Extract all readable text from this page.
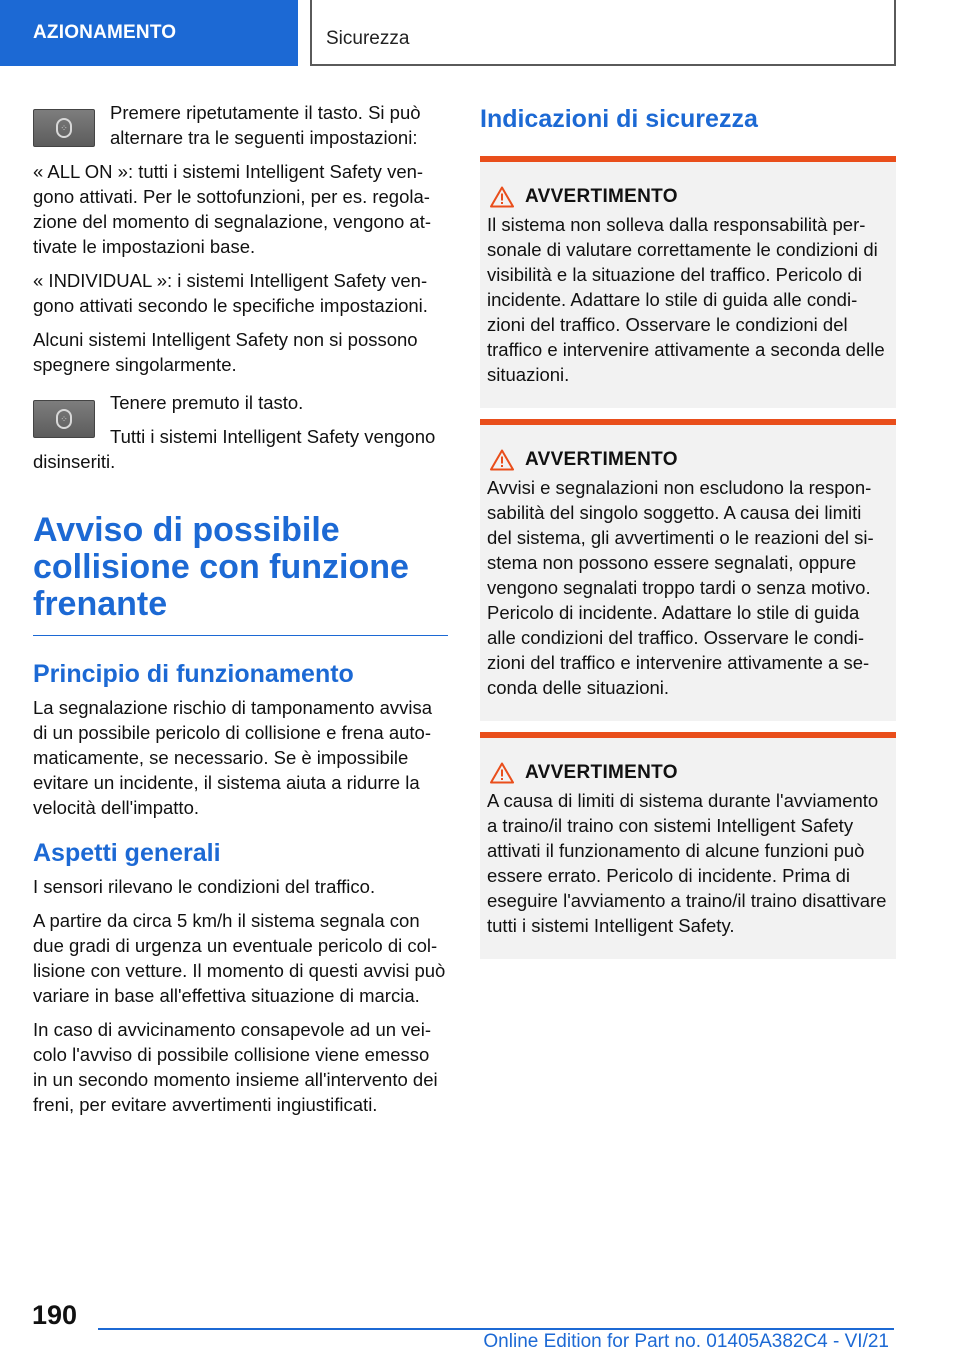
AZIONAMENTO	Sicurezza
⁘

Premere ripetutamente il tasto. Si può alternare tra le seguenti impostazioni:

« ALL ON »: tutti i sistemi Intelligent Safety vengono attivati. Per le sottofunzioni, per es. regolazione del momento di segnalazione, vengono attivate le impostazioni base.

« INDIVIDUAL »: i sistemi Intelligent Safety vengono attivati secondo le specifiche impostazioni.

Alcuni sistemi Intelligent Safety non si possono spegnere singolarmente.

⁘

Tenere premuto il tasto.

Tutti i sistemi Intelligent Safety vengono disinseriti.

Avviso di possibile collisione con funzione frenante
Principio di funzionamento

La segnalazione rischio di tamponamento avvisa di un possibile pericolo di collisione e frena automaticamente, se necessario. Se è impossibile evitare un incidente, il sistema aiuta a ridurre la velocità dell'impatto.

Aspetti generali

I sensori rilevano le condizioni del traffico.

A partire da circa 5 km/h il sistema segnala con due gradi di urgenza un eventuale pericolo di collisione con vetture. Il momento di questi avvisi può variare in base all'effettiva situazione di marcia.

In caso di avvicinamento consapevole ad un veicolo l'avviso di possibile collisione viene emesso in un secondo momento insieme all'intervento dei freni, per evitare avvertimenti ingiustificati.

Indicazioni di sicurezza
AVVERTIMENTO
Il sistema non solleva dalla responsabilità personale di valutare correttamente le condizioni di visibilità e la situazione del traffico. Pericolo di incidente. Adattare lo stile di guida alle condizioni del traffico. Osservare le condizioni del traffico e intervenire attivamente a seconda delle situazioni.
AVVERTIMENTO
Avvisi e segnalazioni non escludono la responsabilità del singolo soggetto. A causa dei limiti del sistema, gli avvertimenti o le reazioni del sistema non possono essere segnalati, oppure vengono segnalati troppo tardi o senza motivo. Pericolo di incidente. Adattare lo stile di guida alle condizioni del traffico. Osservare le condizioni del traffico e intervenire attivamente a seconda delle situazioni.
AVVERTIMENTO
A causa di limiti di sistema durante l'avviamento a traino/il traino con sistemi Intelligent Safety attivati il funzionamento di alcune funzioni può essere errato. Pericolo di incidente. Prima di eseguire l'avviamento a traino/il traino disattivare tutti i sistemi Intelligent Safety.
190
Online Edition for Part no. 01405A382C4 - VI/21
